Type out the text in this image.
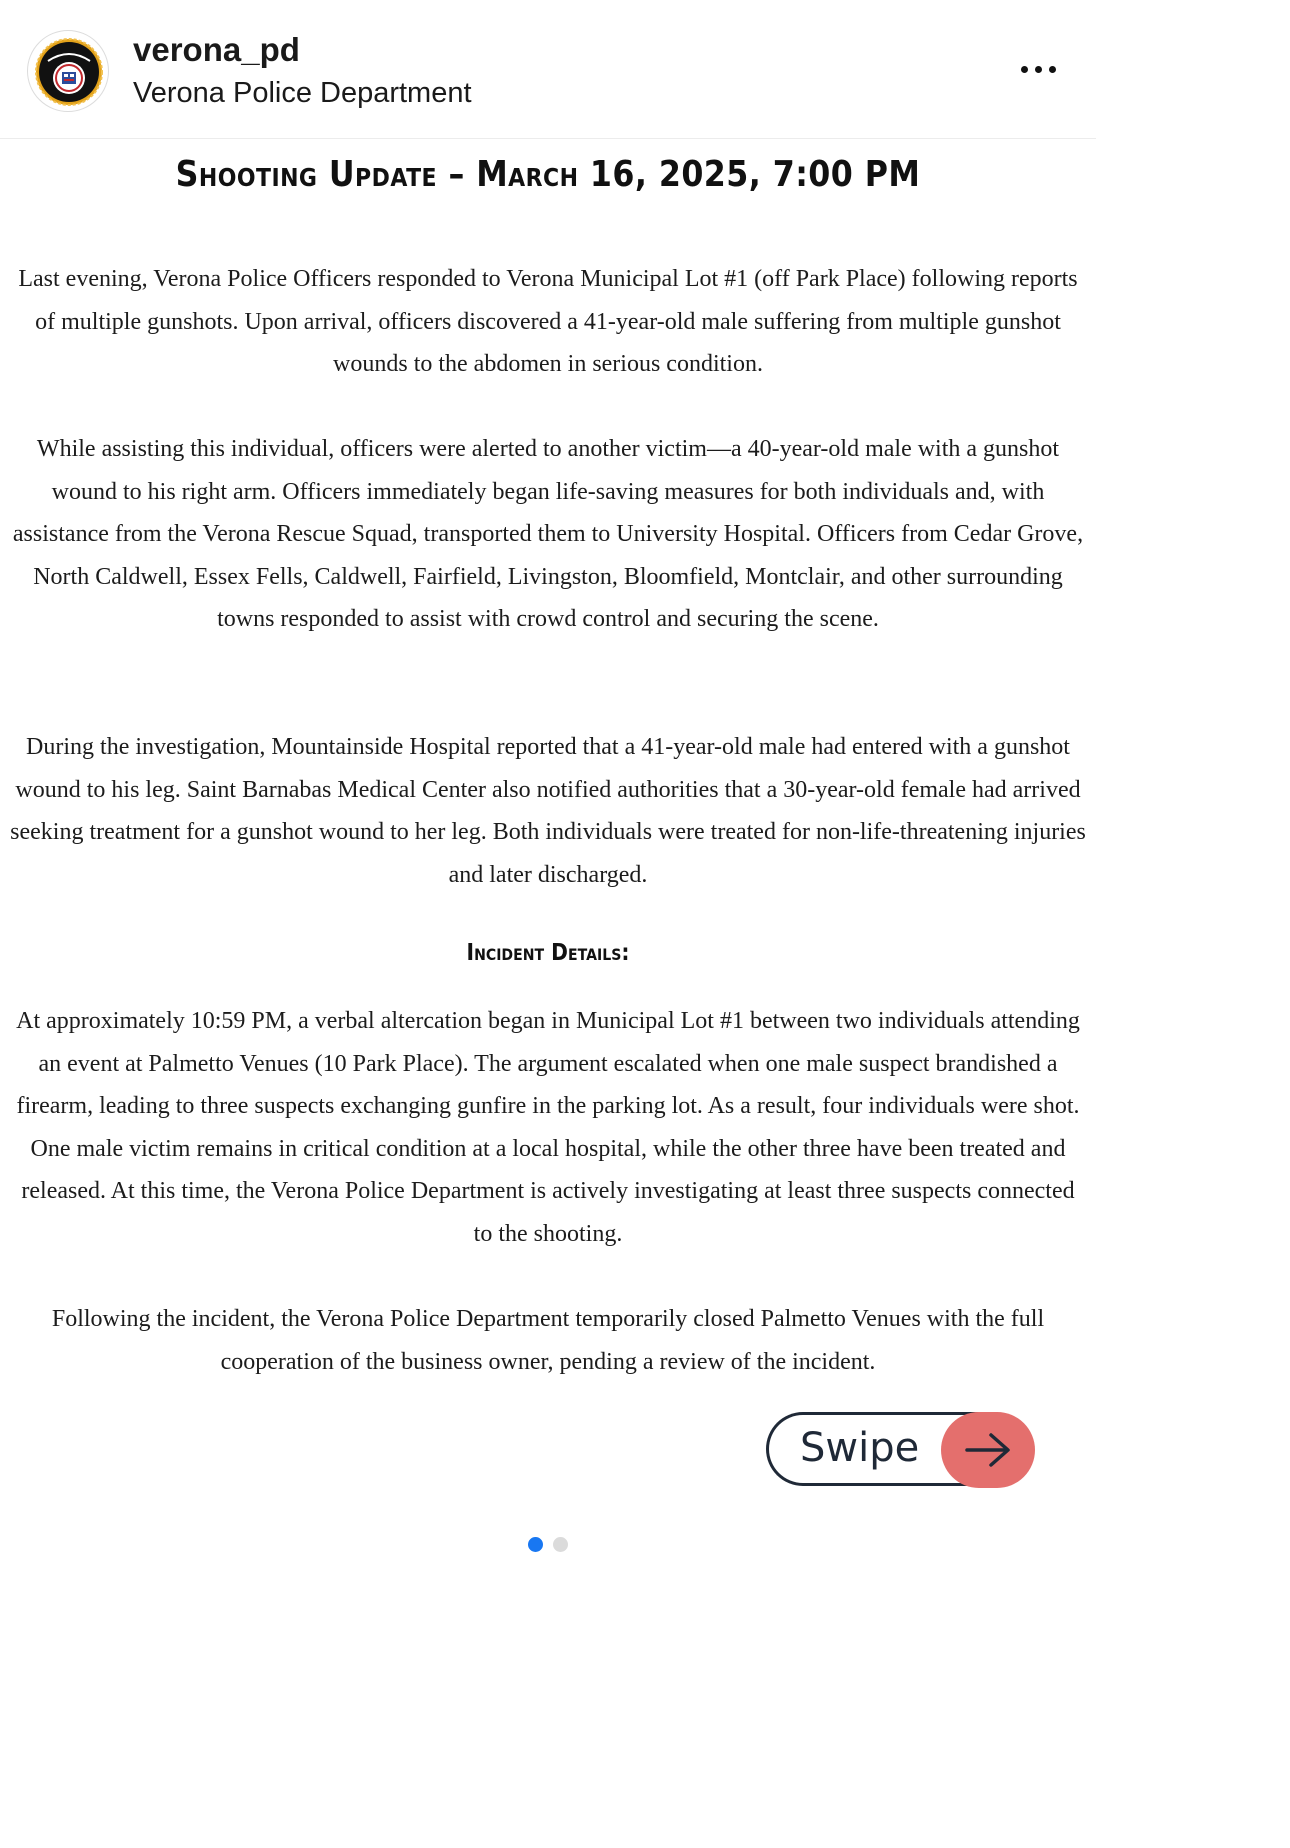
verona_pd
Verona Police Department
Shooting Update – March 16, 2025, 7:00 PM

Last evening, Verona Police Officers responded to Verona Municipal Lot #1 (off Park Place) following reports of multiple gunshots. Upon arrival, officers discovered a 41-year-old male suffering from multiple gunshot wounds to the abdomen in serious condition.

While assisting this individual, officers were alerted to another victim—a 40-year-old male with a gunshot wound to his right arm. Officers immediately began life-saving measures for both individuals and, with assistance from the Verona Rescue Squad, transported them to University Hospital. Officers from Cedar Grove, North Caldwell, Essex Fells, Caldwell, Fairfield, Livingston, Bloomfield, Montclair, and other surrounding towns responded to assist with crowd control and securing the scene.

During the investigation, Mountainside Hospital reported that a 41-year-old male had entered with a gunshot wound to his leg. Saint Barnabas Medical Center also notified authorities that a 30-year-old female had arrived seeking treatment for a gunshot wound to her leg. Both individuals were treated for non-life-threatening injuries and later discharged.

Incident Details:

At approximately 10:59 PM, a verbal altercation began in Municipal Lot #1 between two individuals attending an event at Palmetto Venues (10 Park Place). The argument escalated when one male suspect brandished a firearm, leading to three suspects exchanging gunfire in the parking lot. As a result, four individuals were shot. One male victim remains in critical condition at a local hospital, while the other three have been treated and released. At this time, the Verona Police Department is actively investigating at least three suspects connected to the shooting.

Following the incident, the Verona Police Department temporarily closed Palmetto Venues with the full cooperation of the business owner, pending a review of the incident.

Swipe
